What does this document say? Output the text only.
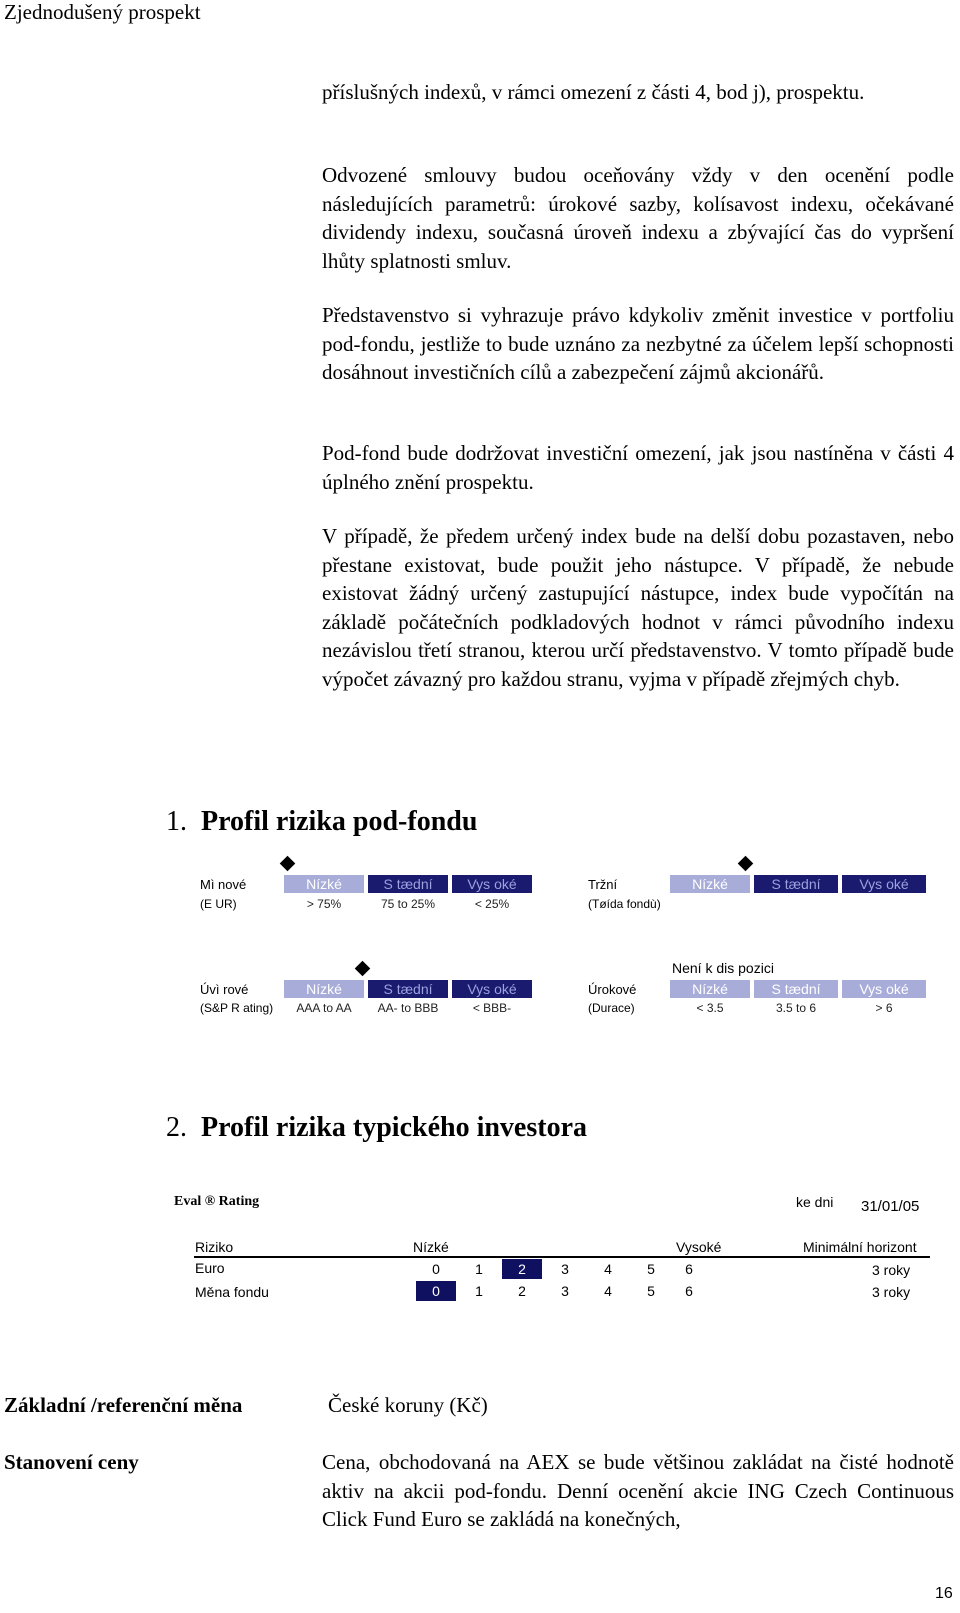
Zjednodušený prospekt

příslušných indexů, v rámci omezení z části 4, bod j), prospektu.

Odvozené smlouvy budou oceňovány vždy v den ocenění podle následujících parametrů: úrokové sazby, kolísavost indexu, očekávané dividendy indexu, současná úroveň indexu a zbývající čas do vypršení lhůty splatnosti smluv.

Představenstvo si vyhrazuje právo kdykoliv změnit investice v portfoliu pod-fondu, jestliže to bude uznáno za nezbytné za účelem lepší schopnosti dosáhnout investičních cílů a zabezpečení zájmů akcionářů.

Pod-fond bude dodržovat investiční omezení, jak jsou nastíněna v části 4 úplného znění prospektu.

V případě, že předem určený index bude na delší dobu pozastaven, nebo přestane existovat, bude použit jeho nástupce. V případě, že nebude existovat žádný určený zastupující nástupce, index bude vypočítán na základě počátečních podkladových hodnot v rámci původního indexu nezávislou třetí stranou, kterou určí představenstvo. V tomto případě bude výpočet závazný pro každou stranu, vyjma v případě zřejmých chyb.

1. Profil rizika pod-fondu
Mì nové
(E UR)
Nízké	S tædní	Vys oké
> 75%	75 to 25%	< 25%
Tržní
(Tøída fondù)
Nízké	S tædní	Vys oké
Úvì rové
(S&P R ating)
Nízké	S tædní	Vys oké
AAA to AA	AA- to BBB	< BBB-
Není k dis pozici
Úrokové
(Durace)
Nízké	S tædní	Vys oké
< 3.5	3.5 to 6	> 6
2. Profil rizika typického investora
Eval ® Rating	ke dni 31/01/05
Riziko	Nízké	Vysoké	Minimální horizont
Euro	0	1	2	3	4	5	6	3 roky
Měna fondu	0	1	2	3	4	5	6	3 roky
Základní /referenční měna	České koruny (Kč)
Stanovení ceny	Cena, obchodovaná na AEX se bude většinou zakládat na čisté hodnotě aktiv na akcii pod-fondu. Denní ocenění akcie ING Czech Continuous Click Fund Euro se zakládá na konečných,

16
